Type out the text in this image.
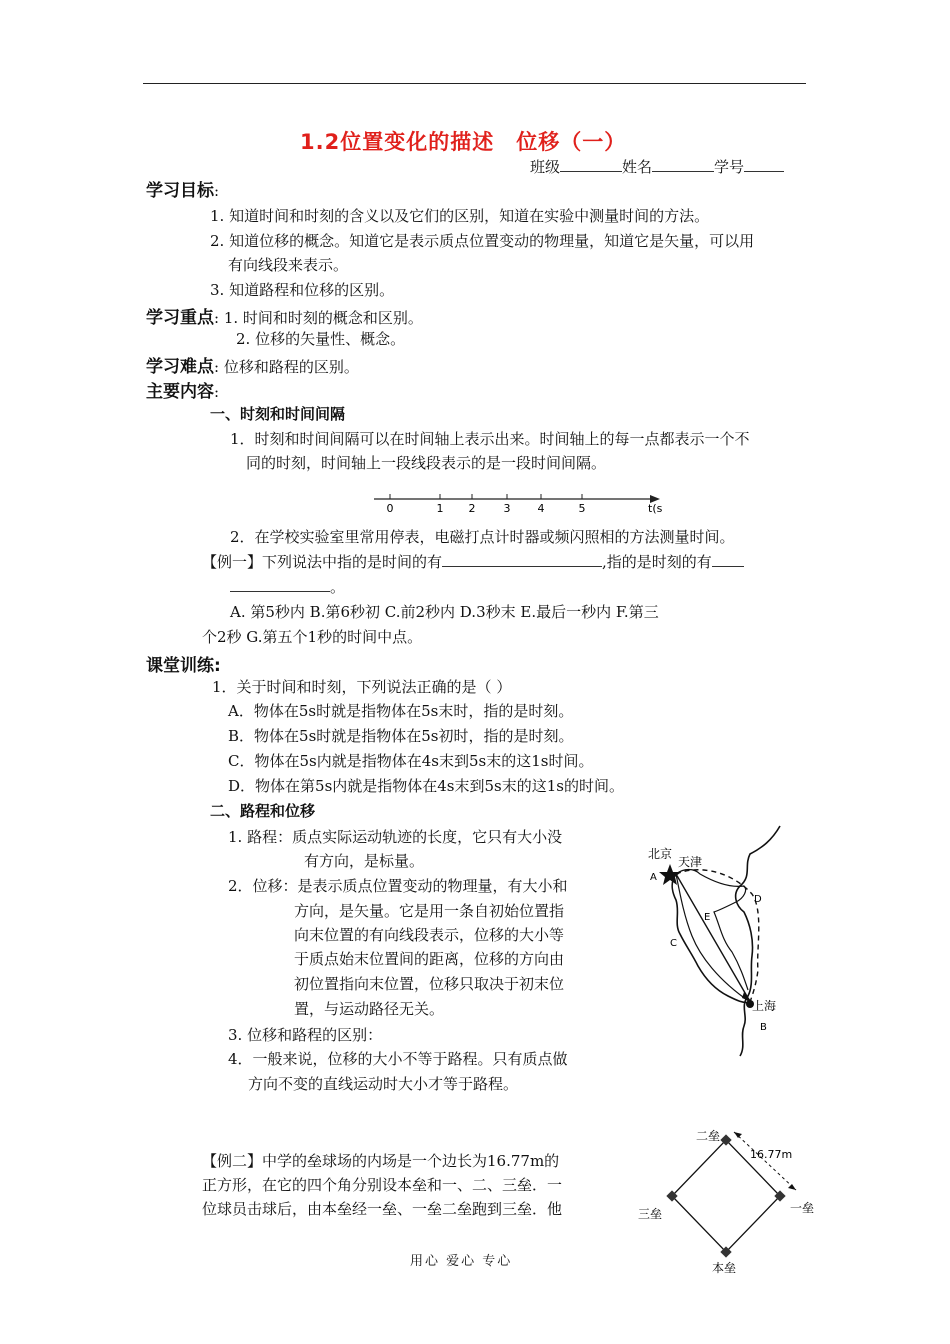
1.2位置变化的描述　位移（一）
班级	姓名	学号
学习目标:
1. 知道时间和时刻的含义以及它们的区别，知道在实验中测量时间的方法。
2. 知道位移的概念。知道它是表示质点位置变动的物理量，知道它是矢量，可以用
有向线段来表示。
3. 知道路程和位移的区别。
学习重点: 1. 时间和时刻的概念和区别。
2. 位移的矢量性、概念。
学习难点: 位移和路程的区别。
主要内容:
一、时刻和时间间隔
1．时刻和时间间隔可以在时间轴上表示出来。时间轴上的每一点都表示一个不
同的时刻，时间轴上一段线段表示的是一段时间间隔。
0	1 2	3 4	5	t(s
2．在学校实验室里常用停表，电磁打点计时器或频闪照相的方法测量时间。
【例一】下列说法中指的是时间的有	,指的是时刻的有
。
A. 第5秒内 B.第6秒初 C.前2秒内 D.3秒末 E.最后一秒内 F.第三
个2秒 G.第五个1秒的时间中点。
课堂训练:
1．关于时间和时刻，下列说法正确的是（ ）
A．物体在5s时就是指物体在5s末时，指的是时刻。
B．物体在5s时就是指物体在5s初时，指的是时刻。
C．物体在5s内就是指物体在4s末到5s末的这1s时间。
D．物体在第5s内就是指物体在4s末到5s末的这1s的时间。
二、路程和位移
1. 路程：质点实际运动轨迹的长度，它只有大小没
有方向，是标量。
2．位移：是表示质点位置变动的物理量，有大小和
方向，是矢量。它是用一条自初始位置指
向末位置的有向线段表示，位移的大小等
于质点始末位置间的距离，位移的方向由
初位置指向末位置，位移只取决于初末位
置，与运动路径无关。
3. 位移和路程的区别：
4．一般来说，位移的大小不等于路程。只有质点做
方向不变的直线运动时大小才等于路程。
北京
天津
上海
A
B
C
D
E
【例二】中学的垒球场的内场是一个边长为16.77m的
正方形，在它的四个角分别设本垒和一、二、三垒．一
位球员击球后，由本垒经一垒、一垒二垒跑到三垒．他
二垒
一垒
三垒
本垒
16.77m
用心 爱心 专心
